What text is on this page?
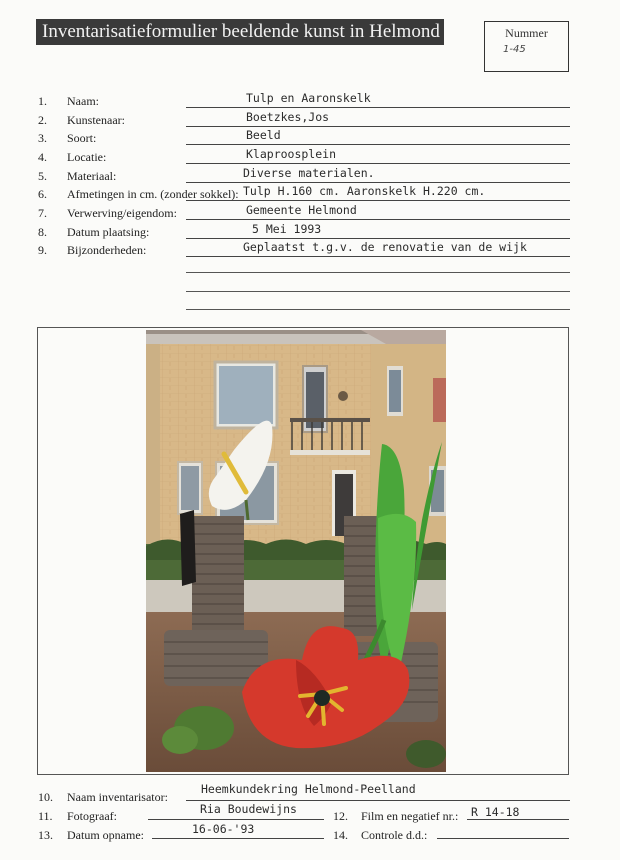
Inventarisatieformulier beeldende kunst in Helmond	Nummer
1-45
1. Naam:	Tulp en Aaronskelk
2. Kunstenaar:	Boetzkes,Jos
3. Soort:	Beeld
4. Locatie:	Klaproosplein
5. Materiaal:	Diverse materialen.
6. Afmetingen in cm. (zonder sokkel): Tulp H.160 cm. Aaronskelk H.220 cm.
7. Verwerving/eigendom:	Gemeente Helmond
8. Datum plaatsing:	5 Mei 1993
9. Bijzonderheden:	Geplaatst t.g.v. de renovatie van de wijk
10. Naam inventarisator:
Heemkundekring Helmond-Peelland
11. Fotograaf:	Ria Boudewijns	12. Film en negatief nr.: R 14-18
13. Datum opname:	16-06-'93	14. Controle d.d.:
